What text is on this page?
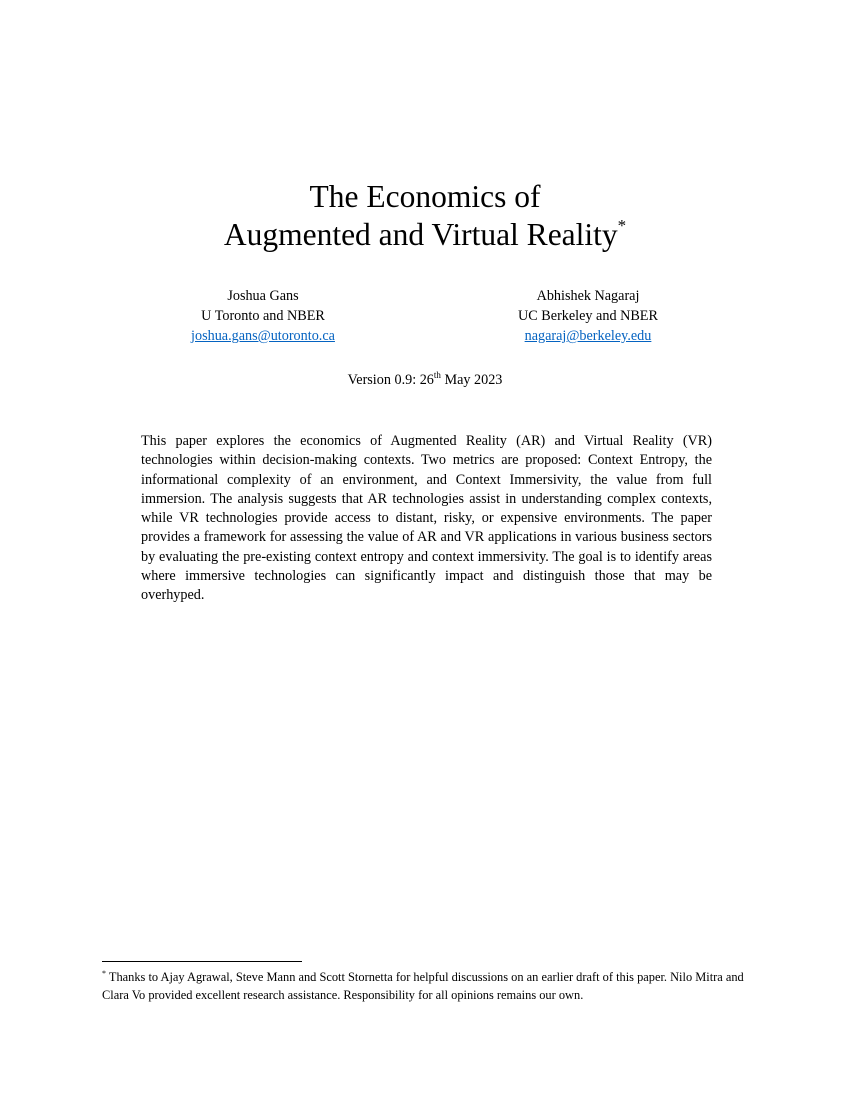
The Economics of
Augmented and Virtual Reality*
Joshua Gans
U Toronto and NBER
joshua.gans@utoronto.ca
Abhishek Nagaraj
UC Berkeley and NBER
nagaraj@berkeley.edu
Version 0.9: 26th May 2023

This paper explores the economics of Augmented Reality (AR) and Virtual Reality (VR) technologies within decision-making contexts. Two metrics are proposed: Context Entropy, the informational complexity of an environment, and Context Immersivity, the value from full immersion. The analysis suggests that AR technologies assist in understanding complex contexts, while VR technologies provide access to distant, risky, or expensive environments. The paper provides a framework for assessing the value of AR and VR applications in various business sectors by evaluating the pre-existing context entropy and context immersivity. The goal is to identify areas where immersive technologies can significantly impact and distinguish those that may be overhyped.

* Thanks to Ajay Agrawal, Steve Mann and Scott Stornetta for helpful discussions on an earlier draft of this paper. Nilo Mitra and Clara Vo provided excellent research assistance. Responsibility for all opinions remains our own.
